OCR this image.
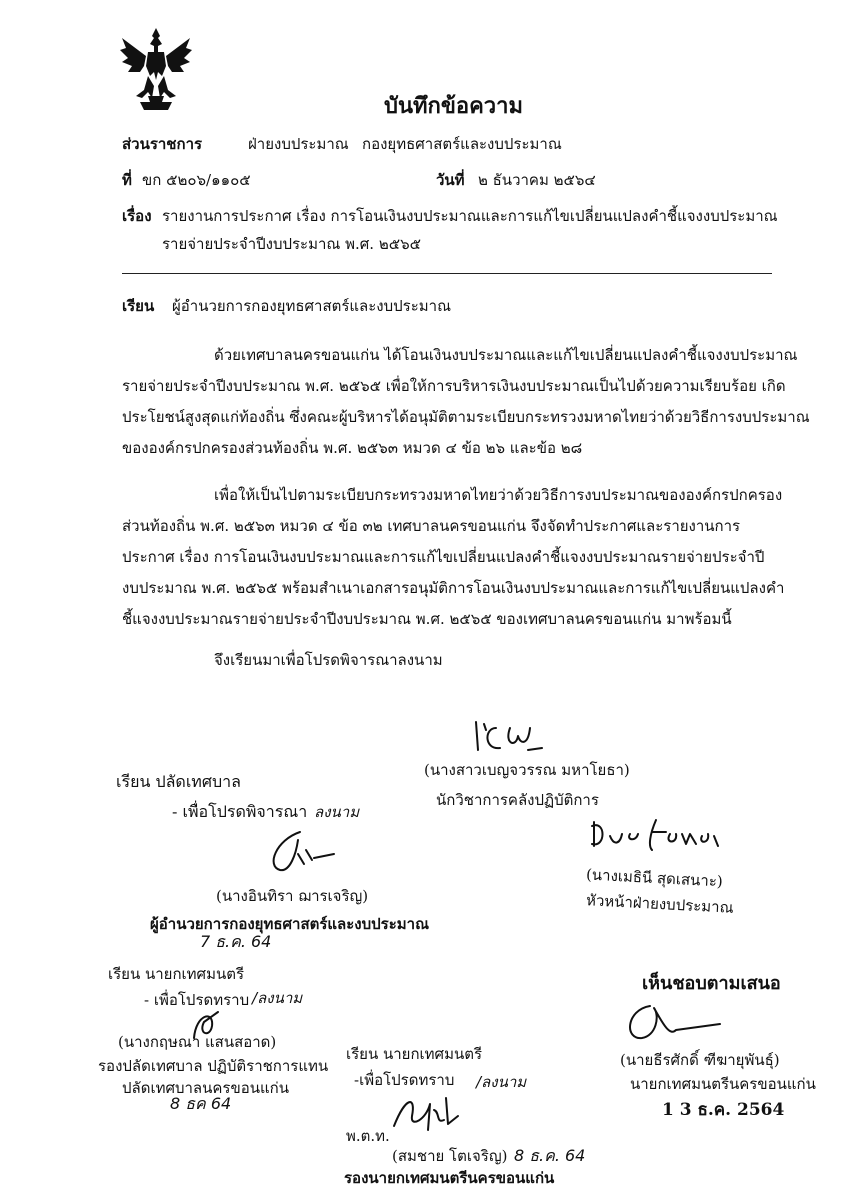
บันทึกข้อความ
ส่วนราชการ	ฝ่ายงบประมาณ กองยุทธศาสตร์และงบประมาณ
ที่ ขก ๕๒๐๖/๑๑๐๕	วันที่ ๒ ธันวาคม ๒๕๖๔
เรื่อง รายงานการประกาศ เรื่อง การโอนเงินงบประมาณและการแก้ไขเปลี่ยนแปลงคำชี้แจงงบประมาณ
รายจ่ายประจำปีงบประมาณ พ.ศ. ๒๕๖๕
เรียน ผู้อำนวยการกองยุทธศาสตร์และงบประมาณ
ด้วยเทศบาลนครขอนแก่น ได้โอนเงินงบประมาณและแก้ไขเปลี่ยนแปลงคำชี้แจงงบประมาณ
รายจ่ายประจำปีงบประมาณ พ.ศ. ๒๕๖๕ เพื่อให้การบริหารเงินงบประมาณเป็นไปด้วยความเรียบร้อย เกิด
ประโยชน์สูงสุดแก่ท้องถิ่น ซึ่งคณะผู้บริหารได้อนุมัติตามระเบียบกระทรวงมหาดไทยว่าด้วยวิธีการงบประมาณ
ขององค์กรปกครองส่วนท้องถิ่น พ.ศ. ๒๕๖๓ หมวด ๔ ข้อ ๒๖ และข้อ ๒๘
เพื่อให้เป็นไปตามระเบียบกระทรวงมหาดไทยว่าด้วยวิธีการงบประมาณขององค์กรปกครอง
ส่วนท้องถิ่น พ.ศ. ๒๕๖๓ หมวด ๔ ข้อ ๓๒ เทศบาลนครขอนแก่น จึงจัดทำประกาศและรายงานการ
ประกาศ เรื่อง การโอนเงินงบประมาณและการแก้ไขเปลี่ยนแปลงคำชี้แจงงบประมาณรายจ่ายประจำปี
งบประมาณ พ.ศ. ๒๕๖๕ พร้อมสำเนาเอกสารอนุมัติการโอนเงินงบประมาณและการแก้ไขเปลี่ยนแปลงคำ
ชี้แจงงบประมาณรายจ่ายประจำปีงบประมาณ พ.ศ. ๒๕๖๕ ของเทศบาลนครขอนแก่น มาพร้อมนี้
จึงเรียนมาเพื่อโปรดพิจารณาลงนาม
(นางสาวเบญจวรรณ มหาโยธา)
นักวิชาการคลังปฏิบัติการ
(นางเมธินี สุดเสนาะ)
หัวหน้าฝ่ายงบประมาณ
เรียน ปลัดเทศบาล
- เพื่อโปรดพิจารณา ลงนาม
(นางอินทิรา ฌารเจริญ)
ผู้อำนวยการกองยุทธศาสตร์และงบประมาณ
7 ธ.ค. 64
เรียน นายกเทศมนตรี
- เพื่อโปรดทราบ /ลงนาม
(นางกฤษณา แสนสอาด)
รองปลัดเทศบาล ปฏิบัติราชการแทน
ปลัดเทศบาลนครขอนแก่น
8 ธค 64
เรียน นายกเทศมนตรี
-เพื่อโปรดทราบ /ลงนาม
พ.ต.ท.
(สมชาย โตเจริญ) 8 ธ.ค. 64
รองนายกเทศมนตรีนครขอนแก่น
เห็นชอบตามเสนอ
(นายธีรศักดิ์ ฑีฆายุพันธุ์)
นายกเทศมนตรีนครขอนแก่น
1 3 ธ.ค. 2564
